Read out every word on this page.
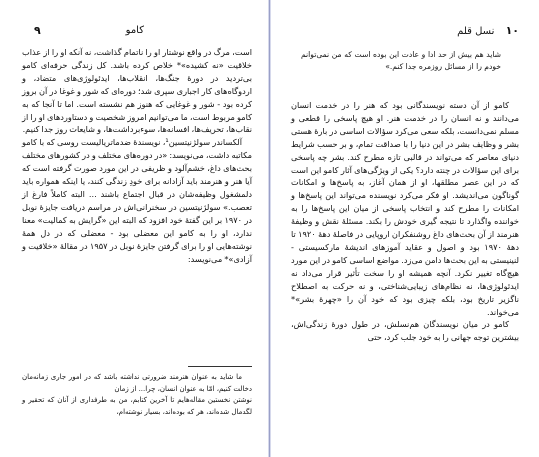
۹	کامو

است، مرگ در واقع نوشتار او را ناتمام گذاشت، نه آنکه او را از عذاب خلاقیت «نه کشیده»* خلاص کرده باشد. کل زندگی حرفه‌ای کامو بی‌تردید در دورهٔ جنگ‌ها، انقلاب‌ها، ایدئولوژی‌های متضاد، و اردوگاه‌های کار اجباری سپری شد؛ دوره‌ای که شور و غوغا در آن بروز کرده بود - شور و غوغایی که هنوز هم نشسته است. اما تا آنجا که به کامو مربوط است، ما می‌توانیم امروز شخصیت و دستاوردهای او را از نقاب‌ها، تحریف‌ها، افسانه‌ها، سوءبرداشت‌ها، و شایعات روز جدا کنیم.

آلکساندر سولژنیتسین¹، نویسندهٔ ضدماتریالیست روسی که با کامو مکاتبه داشت، می‌نویسد: «در دوره‌های مختلف و در کشورهای مختلف بحث‌های داغ، خشم‌آلود و ظریفی در این مورد صورت گرفته است که آیا هنر و هنرمند باید آزادانه برای خودِ زندگی کنند، یا اینکه همواره باید دلمشغول وظیفه‌شان در قبال اجتماع باشند ... البته کاملاً فارغ از تعصب.» سولژنیتسین در سخنرانی‌اش در مراسم دریافت جایزهٔ نوبل در ۱۹۷۰ بر این گفتهٔ خود افزود که البته این «گرایش به کمالیت» معنا ندارد، او را به کامو این معضلی بود - معضلی که در دل همهٔ نوشته‌هایی او را برای گرفتن جایزهٔ نوبل در ۱۹۵۷ در مقالهٔ «خلاقیت و آزادی»* می‌نویسد:

ما شاید به عنوان هنرمند ضرورتی نداشته باشد که در امور جاری زمانه‌مان دخالت کنیم، امّا به عنوان انسان، چرا... از زمان

نوشتن نخستین مقاله‌هایم تا آخرین کتابم، من به طرفداری از آنان که تحقیر و لگدمال شده‌اند، هر که بوده‌اند، بسیار نوشته‌ام،

۱۰ نسل قلم
شاید هم بیش از حد ادا و عادت این بوده است که من نمی‌توانم خودم را از مسائل روزمره جدا کنم.»

کامو از آن دسته نویسندگانی بود که هنر را در خدمت انسان می‌دانند و نه انسان را در خدمت هنر. او هیچ پاسخی را قطعی و مسلم نمی‌دانست، بلکه سعی می‌کرد سؤالات اساسی در بارهٔ هستی بشر و وظایف بشر در این دنیا را با صداقت تمام، و بر حسب شرایط دنیای معاصر که می‌تواند در قالبی تازه مطرح کند. بشر چه پاسخی برای این سؤالات در چنته دارد؟ یکی از ویژگی‌های آثار کامو این است که در این عصر مطلقها، او از همان آغاز، به پاسخ‌ها و امکانات گوناگون می‌اندیشد. او فکر می‌کرد نویسنده می‌تواند این پاسخ‌ها و امکانات را مطرح کند و انتخاب پاسخی از میان این پاسخ‌ها را به خواننده واگذارد تا نتیجه گیری خودش را بکند. مسئلهٔ نقش و وظیفهٔ هنرمند از آن بحث‌های داغ روشنفکران اروپایی در فاصلهٔ دههٔ ۱۹۲۰ تا دههٔ ۱۹۷۰ بود و اصول و عقاید آموزهای اندیشهٔ مارکسیستی - لنینیستی به این بحث‌ها دامن می‌زد. مواضع اساسی کامو در این مورد هیچ‌گاه تغییر نکرد. آنچه همیشه او را سخت تأثیر قرار می‌داد نه ایدئولوژی‌ها، نه نظام‌های زیبایی‌شناختی، و نه حرکت به اصطلاح ناگزیر تاریخ بود، بلکه چیزی بود که خود آن را «چهرهٔ بشر»* می‌خواند.

کامو در میان نویسندگان هم‌نسلش، در طول دورهٔ زندگی‌اش، بیشترین توجه جهانی را به خود جلب کرد، حتی
